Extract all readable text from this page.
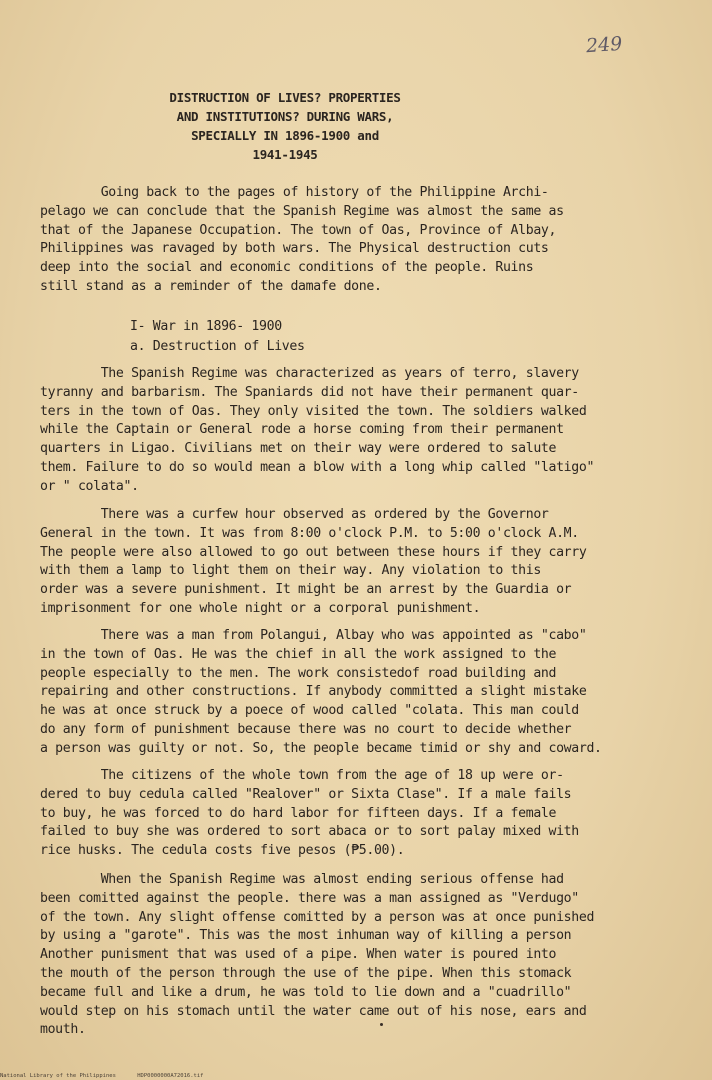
249
DISTRUCTION OF LIVES? PROPERTIES
AND INSTITUTIONS? DURING WARS,
SPECIALLY IN 1896-1900 and
1941-1945
Going back to the pages of history of the Philippine Archi-
pelago we can conclude that the Spanish Regime was almost the same as
that of the Japanese Occupation. The town of Oas, Province of Albay,
Philippines was ravaged by both wars. The Physical destruction cuts
deep into the social and economic conditions of the people. Ruins
still stand as a reminder of the damafe done.
I- War in 1896- 1900
a. Destruction of Lives
The Spanish Regime was characterized as years of terro, slavery
tyranny and barbarism. The Spaniards did not have their permanent quar-
ters in the town of Oas. They only visited the town. The soldiers walked
while the Captain or General rode a horse coming from their permanent
quarters in Ligao. Civilians met on their way were ordered to salute
them. Failure to do so would mean a blow with a long whip called "latigo"
or " colata".
There was a curfew hour observed as ordered by the Governor
General in the town. It was from 8:00 o'clock P.M. to 5:00 o'clock A.M.
The people were also allowed to go out between these hours if they carry
with them a lamp to light them on their way. Any violation to this
order was a severe punishment. It might be an arrest by the Guardia or
imprisonment for one whole night or a corporal punishment.
There was a man from Polangui, Albay who was appointed as "cabo"
in the town of Oas. He was the chief in all the work assigned to the
people especially to the men. The work consistedof road building and
repairing and other constructions. If anybody committed a slight mistake
he was at once struck by a poece of wood called "colata. This man could
do any form of punishment because there was no court to decide whether
a person was guilty or not. So, the people became timid or shy and coward.
The citizens of the whole town from the age of 18 up were or-
dered to buy cedula called "Realover" or Sixta Clase". If a male fails
to buy, he was forced to do hard labor for fifteen days. If a female
failed to buy she was ordered to sort abaca or to sort palay mixed with
rice husks. The cedula costs five pesos (₱5.00).
When the Spanish Regime was almost ending serious offense had
been comitted against the people. there was a man assigned as "Verdugo"
of the town. Any slight offense comitted by a person was at once punished
by using a "garote". This was the most inhuman way of killing a person
Another punisment that was used of a pipe. When water is poured into
the mouth of the person through the use of the pipe. When this stomack
became full and like a drum, he was told to lie down and a "cuadrillo"
would step on his stomach until the water came out of his nose, ears and
mouth.
National Library of the Philippines	HDP0000000A72016.tif
